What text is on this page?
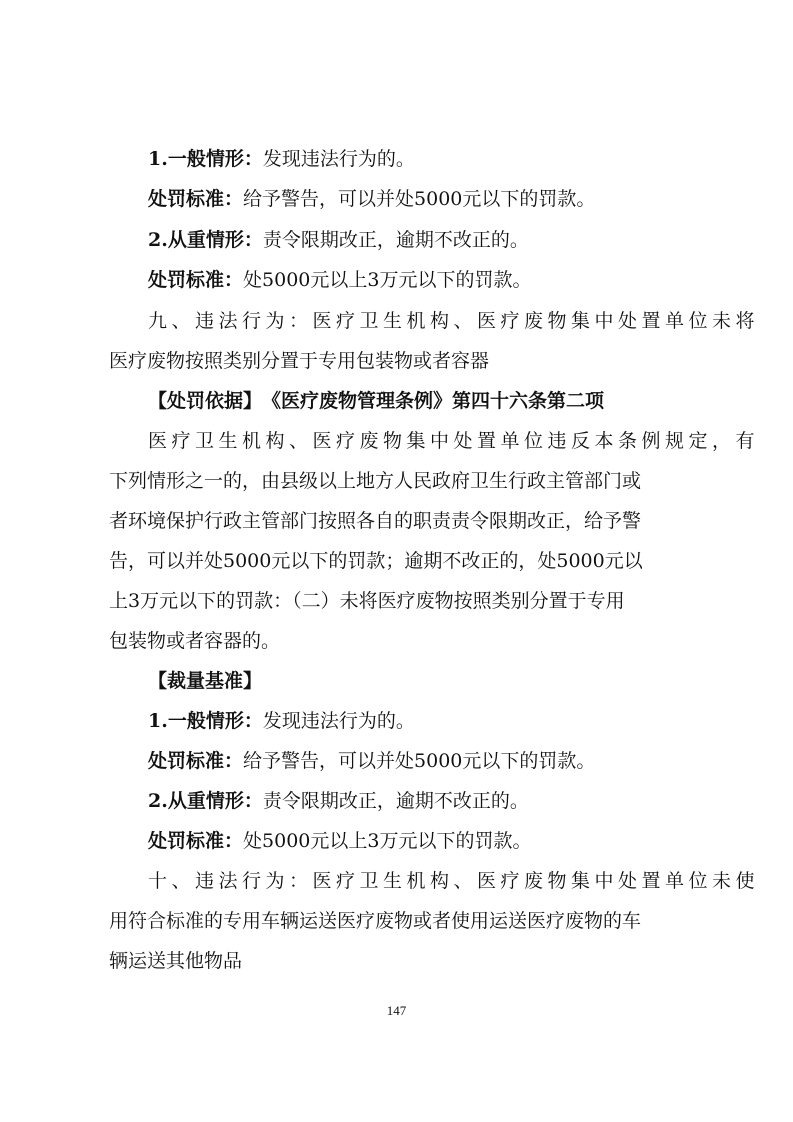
1.一般情形：发现违法行为的。
处罚标准：给予警告，可以并处5000元以下的罚款。
2.从重情形：责令限期改正，逾期不改正的。
处罚标准：处5000元以上3万元以下的罚款。
九、违法行为：医疗卫生机构、医疗废物集中处置单位未将
医疗废物按照类别分置于专用包装物或者容器
【处罚依据】　《医疗废物管理条例》第四十六条第二项
医疗卫生机构、医疗废物集中处置单位违反本条例规定，有
下列情形之一的，由县级以上地方人民政府卫生行政主管部门或
者环境保护行政主管部门按照各自的职责责令限期改正，给予警
告，可以并处5000元以下的罚款；逾期不改正的，处5000元以
上3万元以下的罚款：（二）未将医疗废物按照类别分置于专用
包装物或者容器的。
【裁量基准】
1.一般情形：发现违法行为的。
处罚标准：给予警告，可以并处5000元以下的罚款。
2.从重情形：责令限期改正，逾期不改正的。
处罚标准：处5000元以上3万元以下的罚款。
十、违法行为：医疗卫生机构、医疗废物集中处置单位未使
用符合标准的专用车辆运送医疗废物或者使用运送医疗废物的车
辆运送其他物品
147
